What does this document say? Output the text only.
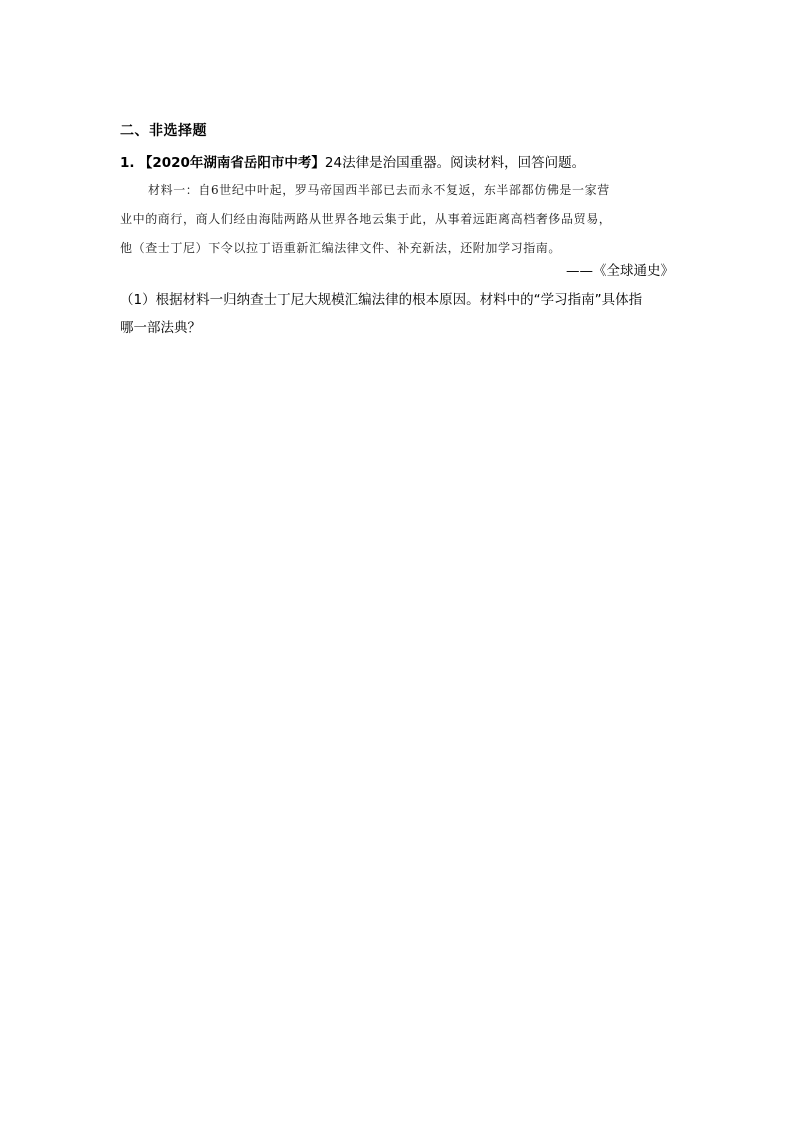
二、非选择题
1. 【2020年湖南省岳阳市中考】24法律是治国重器。阅读材料，回答问题。
材料一：自6世纪中叶起，罗马帝国西半部已去而永不复返，东半部都仿佛是一家营
业中的商行，商人们经由海陆两路从世界各地云集于此，从事着远距离高档奢侈品贸易，
他（查士丁尼）下令以拉丁语重新汇编法律文件、补充新法，还附加学习指南。
——《全球通史》
（1）根据材料一归纳查士丁尼大规模汇编法律的根本原因。材料中的“学习指南”具体指
哪一部法典？
